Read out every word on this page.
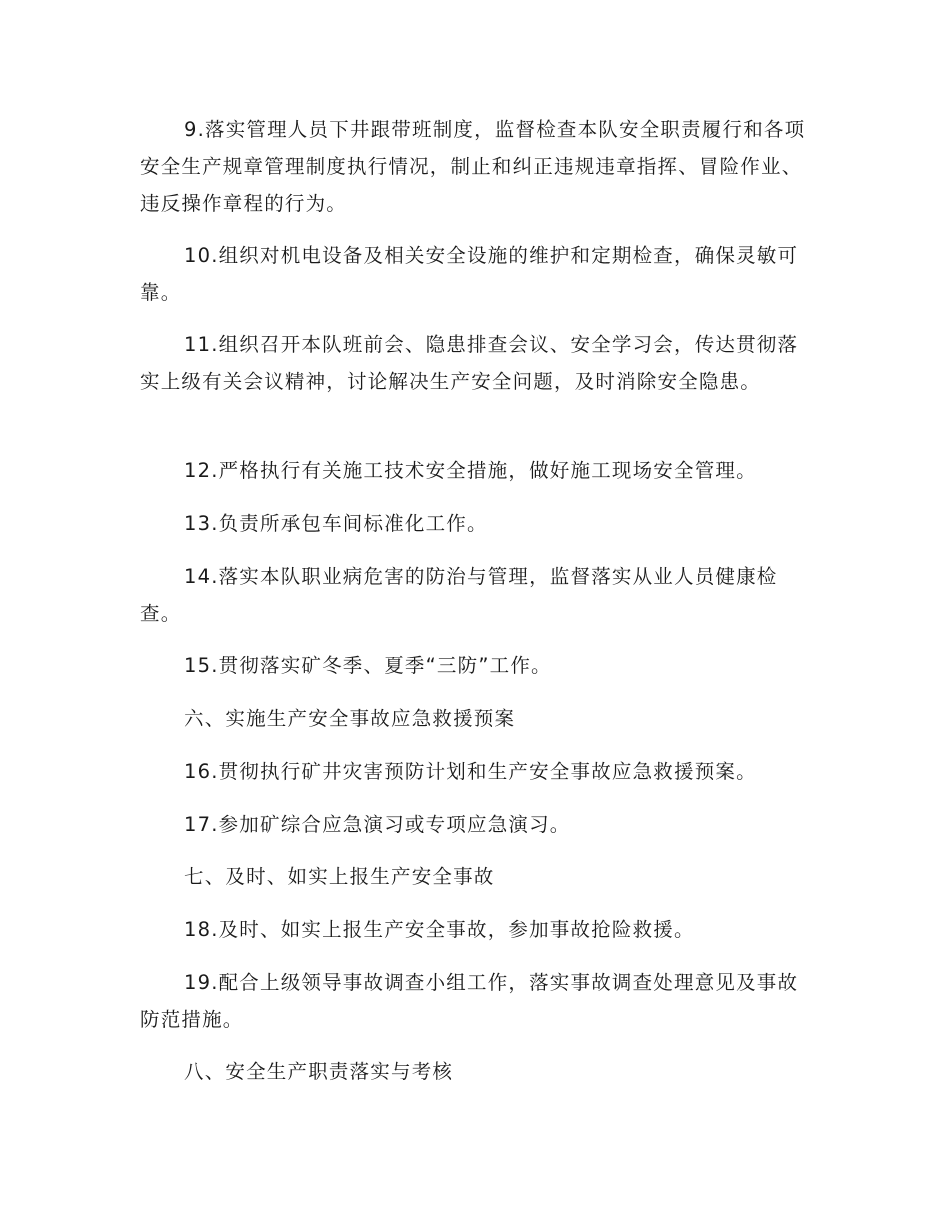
9.落实管理人员下井跟带班制度，监督检查本队安全职责履行和各项安全生产规章管理制度执行情况，制止和纠正违规违章指挥、冒险作业、违反操作章程的行为。

10.组织对机电设备及相关安全设施的维护和定期检查，确保灵敏可靠。

11.组织召开本队班前会、隐患排查会议、安全学习会，传达贯彻落实上级有关会议精神，讨论解决生产安全问题，及时消除安全隐患。

12.严格执行有关施工技术安全措施，做好施工现场安全管理。

13.负责所承包车间标准化工作。

14.落实本队职业病危害的防治与管理，监督落实从业人员健康检查。

15.贯彻落实矿冬季、夏季“三防”工作。

六、实施生产安全事故应急救援预案

16.贯彻执行矿井灾害预防计划和生产安全事故应急救援预案。

17.参加矿综合应急演习或专项应急演习。

七、及时、如实上报生产安全事故

18.及时、如实上报生产安全事故，参加事故抢险救援。

19.配合上级领导事故调查小组工作，落实事故调查处理意见及事故防范措施。

八、安全生产职责落实与考核
